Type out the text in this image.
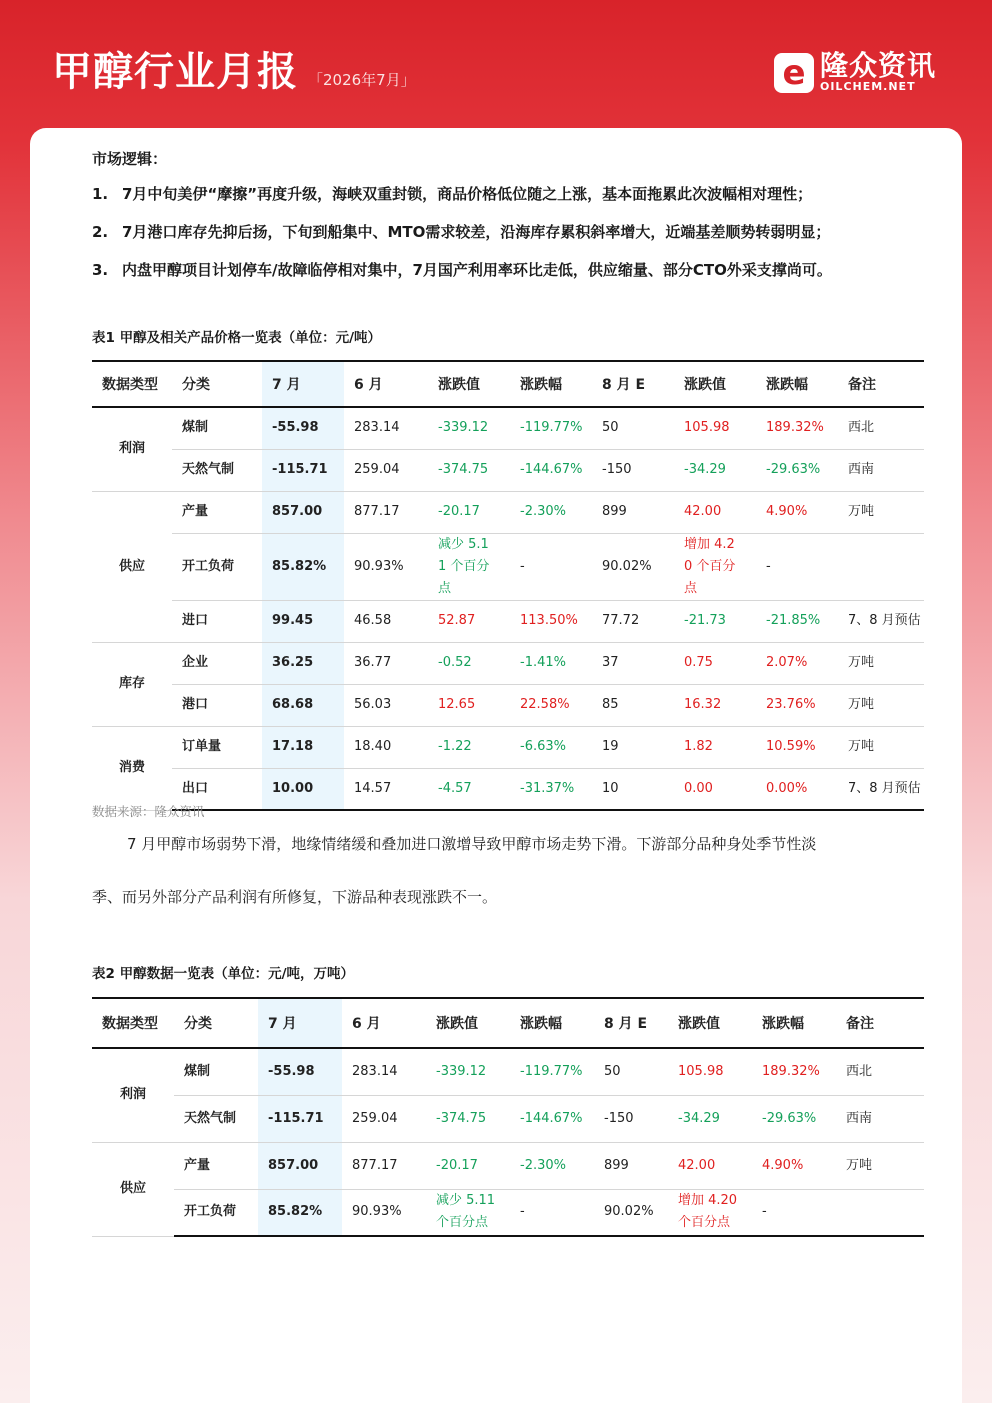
甲醇行业月报 「2026年7月」	e 隆众资讯
OILCHEM.NET
市场逻辑：
1. 7月中旬美伊“摩擦”再度升级，海峡双重封锁，商品价格低位随之上涨，基本面拖累此次波幅相对理性；
2. 7月港口库存先抑后扬，下旬到船集中、MTO需求较差，沿海库存累积斜率增大，近端基差顺势转弱明显；
3. 内盘甲醇项目计划停车/故障临停相对集中，7月国产利用率环比走低，供应缩量、部分CTO外采支撑尚可。
表1 甲醇及相关产品价格一览表（单位：元/吨）
数据类型	分类	7 月	6 月	涨跌值	涨跌幅	8 月 E	涨跌值	涨跌幅	备注
利润	煤制	-55.98	283.14	-339.12	-119.77%	50	105.98	189.32%	西北
	天然气制	-115.71	259.04	-374.75	-144.67%	-150	-34.29	-29.63%	西南
供应	产量	857.00	877.17	-20.17	-2.30%	899	42.00	4.90%	万吨
	开工负荷	85.82%	90.93%	减少 5.11 个百分点	-	90.02%	增加 4.20 个百分点	-	
	进口	99.45	46.58	52.87	113.50%	77.72	-21.73	-21.85%	7、8 月预估
库存	企业	36.25	36.77	-0.52	-1.41%	37	0.75	2.07%	万吨
	港口	68.68	56.03	12.65	22.58%	85	16.32	23.76%	万吨
消费	订单量	17.18	18.40	-1.22	-6.63%	19	1.82	10.59%	万吨
	出口	10.00	14.57	-4.57	-31.37%	10	0.00	0.00%	7、8 月预估
数据来源：隆众资讯
7 月甲醇市场弱势下滑，地缘情绪缓和叠加进口激增导致甲醇市场走势下滑。下游部分品种身处季节性淡
季、而另外部分产品利润有所修复，下游品种表现涨跌不一。
表2 甲醇数据一览表（单位：元/吨，万吨）
数据类型	分类	7 月	6 月	涨跌值	涨跌幅	8 月 E	涨跌值	涨跌幅	备注
利润	煤制	-55.98	283.14	-339.12	-119.77%	50	105.98	189.32%	西北
	天然气制	-115.71	259.04	-374.75	-144.67%	-150	-34.29	-29.63%	西南
供应	产量	857.00	877.17	-20.17	-2.30%	899	42.00	4.90%	万吨
	开工负荷	85.82%	90.93%	减少 5.11 个百分点	-	90.02%	增加 4.20 个百分点	-	
